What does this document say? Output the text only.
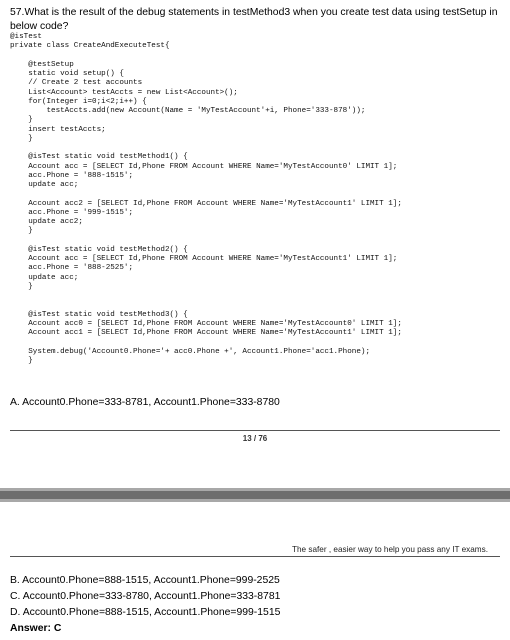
57.What is the result of the debug statements in testMethod3 when you create test data using testSetup in below code?
@isTest
private class CreateAndExecuteTest{

@testSetup
static void setup() {
// Create 2 test accounts
List<Account> testAccts = new List<Account>();
for(Integer i=0;i<2;i++) {
testAccts.add(new Account(Name = 'MyTestAccount'+i, Phone='333-878'));
}
insert testAccts;
}

@isTest static void testMethod1() {
Account acc = [SELECT Id,Phone FROM Account WHERE Name='MyTestAccount0' LIMIT 1];
acc.Phone = '888-1515';
update acc;

Account acc2 = [SELECT Id,Phone FROM Account WHERE Name='MyTestAccount1' LIMIT 1];
acc.Phone = '999-1515';
update acc2;
}

@isTest static void testMethod2() {
Account acc = [SELECT Id,Phone FROM Account WHERE Name='MyTestAccount1' LIMIT 1];
acc.Phone = '888-2525';
update acc;
}

@isTest static void testMethod3() {
Account acc0 = [SELECT Id,Phone FROM Account WHERE Name='MyTestAccount0' LIMIT 1];
Account acc1 = [SELECT Id,Phone FROM Account WHERE Name='MyTestAccount1' LIMIT 1];

System.debug('Account0.Phone='+ acc0.Phone +', Account1.Phone='acc1.Phone);
}

A. Account0.Phone=333-8781, Account1.Phone=333-8780
13 / 76
The safer , easier way to help you pass any IT exams.
B. Account0.Phone=888-1515, Account1.Phone=999-2525
C. Account0.Phone=333-8780, Account1.Phone=333-8781
D. Account0.Phone=888-1515, Account1.Phone=999-1515
Answer: C
